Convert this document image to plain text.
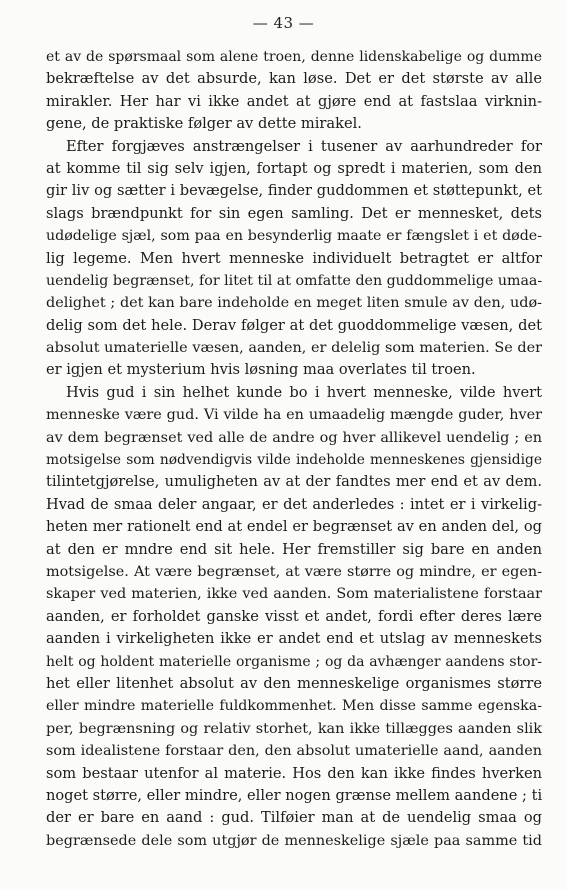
— 43 —
et av de spørsmaal som alene troen, denne lidenskabelige og dumme
bekræftelse av det absurde, kan løse. Det er det største av alle
mirakler. Her har vi ikke andet at gjøre end at fastslaa virknin-
gene, de praktiske følger av dette mirakel.
Efter forgjæves anstrængelser i tusener av aarhundreder for
at komme til sig selv igjen, fortapt og spredt i materien, som den
gir liv og sætter i bevægelse, finder guddommen et støttepunkt, et
slags brændpunkt for sin egen samling. Det er mennesket, dets
udødelige sjæl, som paa en besynderlig maate er fængslet i et døde-
lig legeme. Men hvert menneske individuelt betragtet er altfor
uendelig begrænset, for litet til at omfatte den guddommelige umaa-
delighet ; det kan bare indeholde en meget liten smule av den, udø-
delig som det hele. Derav følger at det guoddommelige væsen, det
absolut umaterielle væsen, aanden, er delelig som materien. Se der
er igjen et mysterium hvis løsning maa overlates til troen.
Hvis gud i sin helhet kunde bo i hvert menneske, vilde hvert
menneske være gud. Vi vilde ha en umaadelig mængde guder, hver
av dem begrænset ved alle de andre og hver allikevel uendelig ; en
motsigelse som nødvendigvis vilde indeholde menneskenes gjensidige
tilintetgjørelse, umuligheten av at der fandtes mer end et av dem.
Hvad de smaa deler angaar, er det anderledes : intet er i virkelig-
heten mer rationelt end at endel er begrænset av en anden del, og
at den er mndre end sit hele. Her fremstiller sig bare en anden
motsigelse. At være begrænset, at være større og mindre, er egen-
skaper ved materien, ikke ved aanden. Som materialistene forstaar
aanden, er forholdet ganske visst et andet, fordi efter deres lære
aanden i virkeligheten ikke er andet end et utslag av menneskets
helt og holdent materielle organisme ; og da avhænger aandens stor-
het eller litenhet absolut av den menneskelige organismes større
eller mindre materielle fuldkommenhet. Men disse samme egenska-
per, begrænsning og relativ storhet, kan ikke tillægges aanden slik
som idealistene forstaar den, den absolut umaterielle aand, aanden
som bestaar utenfor al materie. Hos den kan ikke findes hverken
noget større, eller mindre, eller nogen grænse mellem aandene ; ti
der er bare en aand : gud. Tilføier man at de uendelig smaa og
begrænsede dele som utgjør de menneskelige sjæle paa samme tid
